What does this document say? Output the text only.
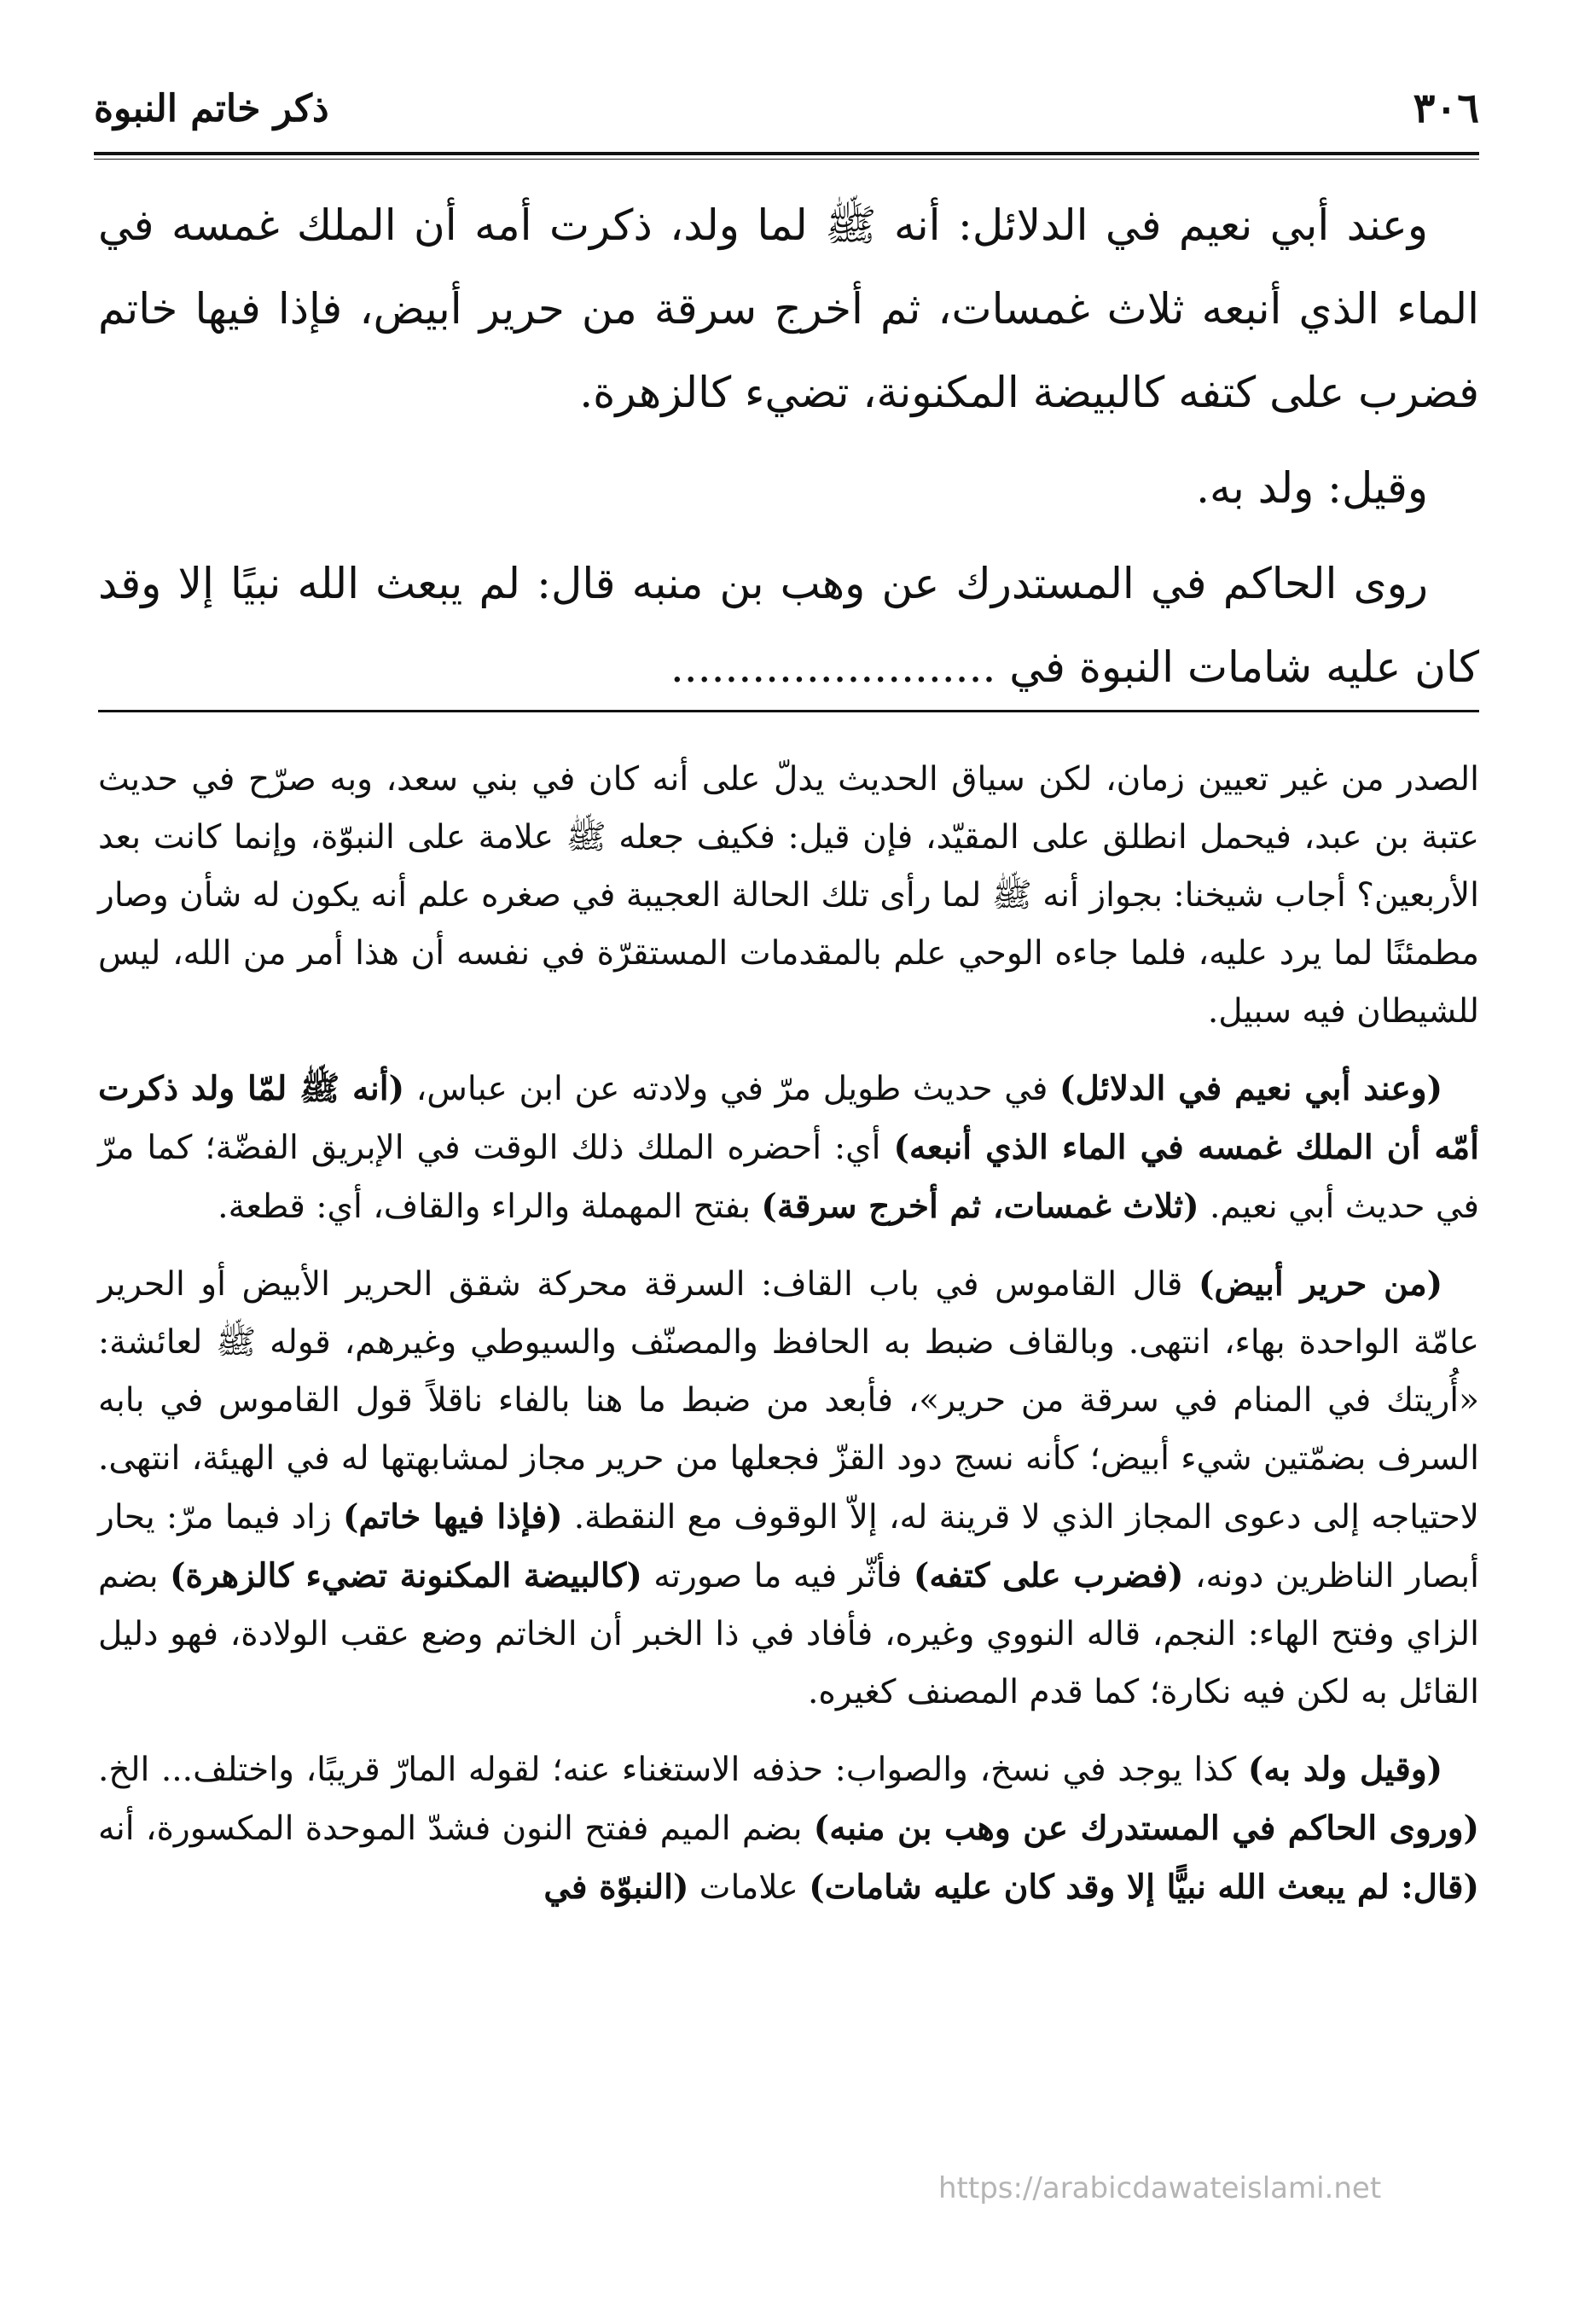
٣٠٦
ذكر خاتم النبوة

وعند أبي نعيم في الدلائل: أنه ﷺ لما ولد، ذكرت أمه أن الملك غمسه في الماء الذي أنبعه ثلاث غمسات، ثم أخرج سرقة من حرير أبيض، فإذا فيها خاتم فضرب على كتفه كالبيضة المكنونة، تضيء كالزهرة.

وقيل: ولد به.

روى الحاكم في المستدرك عن وهب بن منبه قال: لم يبعث الله نبيًا إلا وقد كان عليه شامات النبوة في ........................

الصدر من غير تعيين زمان، لكن سياق الحديث يدلّ على أنه كان في بني سعد، وبه صرّح في حديث عتبة بن عبد، فيحمل انطلق على المقيّد، فإن قيل: فكيف جعله ﷺ علامة على النبوّة، وإنما كانت بعد الأربعين؟ أجاب شيخنا: بجواز أنه ﷺ لما رأى تلك الحالة العجيبة في صغره علم أنه يكون له شأن وصار مطمئنًا لما يرد عليه، فلما جاءه الوحي علم بالمقدمات المستقرّة في نفسه أن هذا أمر من الله، ليس للشيطان فيه سبيل.

(وعند أبي نعيم في الدلائل) في حديث طويل مرّ في ولادته عن ابن عباس، (أنه ﷺ لمّا ولد ذكرت أمّه أن الملك غمسه في الماء الذي أنبعه) أي: أحضره الملك ذلك الوقت في الإبريق الفضّة؛ كما مرّ في حديث أبي نعيم. (ثلاث غمسات، ثم أخرج سرقة) بفتح المهملة والراء والقاف، أي: قطعة.

(من حرير أبيض) قال القاموس في باب القاف: السرقة محركة شقق الحرير الأبيض أو الحرير عامّة الواحدة بهاء، انتهى. وبالقاف ضبط به الحافظ والمصنّف والسيوطي وغيرهم، قوله ﷺ لعائشة: «أُريتك في المنام في سرقة من حرير»، فأبعد من ضبط ما هنا بالفاء ناقلاً قول القاموس في بابه السرف بضمّتين شيء أبيض؛ كأنه نسج دود القزّ فجعلها من حرير مجاز لمشابهتها له في الهيئة، انتهى. لاحتياجه إلى دعوى المجاز الذي لا قرينة له، إلاّ الوقوف مع النقطة. (فإذا فيها خاتم) زاد فيما مرّ: يحار أبصار الناظرين دونه، (فضرب على كتفه) فأثّر فيه ما صورته (كالبيضة المكنونة تضيء كالزهرة) بضم الزاي وفتح الهاء: النجم، قاله النووي وغيره، فأفاد في ذا الخبر أن الخاتم وضع عقب الولادة، فهو دليل القائل به لكن فيه نكارة؛ كما قدم المصنف كغيره.

(وقيل ولد به) كذا يوجد في نسخ، والصواب: حذفه الاستغناء عنه؛ لقوله المارّ قريبًا، واختلف... الخ. (وروى الحاكم في المستدرك عن وهب بن منبه) بضم الميم ففتح النون فشدّ الموحدة المكسورة، أنه (قال: لم يبعث الله نبيًّا إلا وقد كان عليه شامات) علامات (النبوّة في

https://arabicdawateislami.net
